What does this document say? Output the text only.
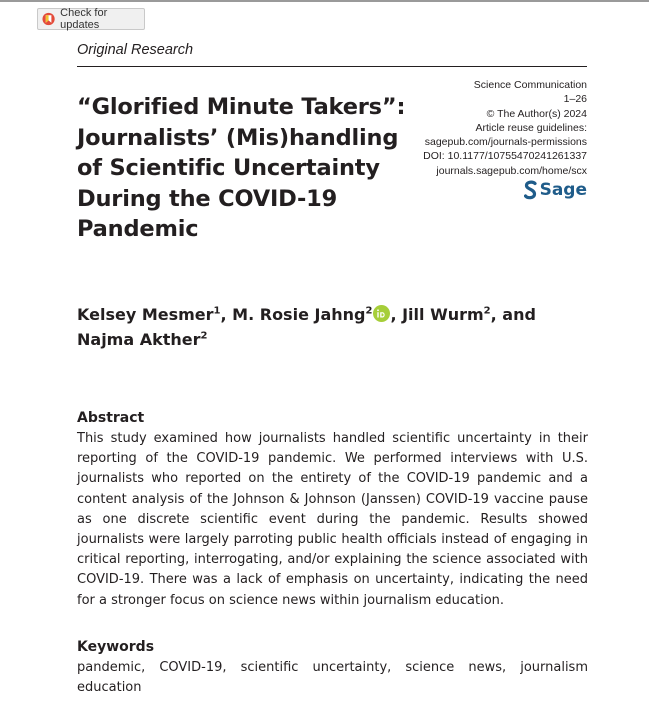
Check for updates
Original Research
“Glorified Minute Takers”: Journalists’ (Mis)handling of Scientific Uncertainty During the COVID-19 Pandemic
Science Communication
1–26
© The Author(s) 2024
Article reuse guidelines:
sagepub.com/journals-permissions
DOI: 10.1177/10755470241261337
journals.sagepub.com/home/scx
Sage
Kelsey Mesmer$^1$, M. Rosie Jahng$^2$ , Jill Wurm$^2$, and Najma Akther$^2$
Abstract

This study examined how journalists handled scientific uncertainty in their reporting of the COVID-19 pandemic. We performed interviews with U.S. journalists who reported on the entirety of the COVID-19 pandemic and a content analysis of the Johnson & Johnson (Janssen) COVID-19 vaccine pause as one discrete scientific event during the pandemic. Results showed journalists were largely parroting public health officials instead of engaging in critical reporting, interrogating, and/or explaining the science associated with COVID-19. There was a lack of emphasis on uncertainty, indicating the need for a stronger focus on science news within journalism education.

Keywords

pandemic, COVID-19, scientific uncertainty, science news, journalism education
